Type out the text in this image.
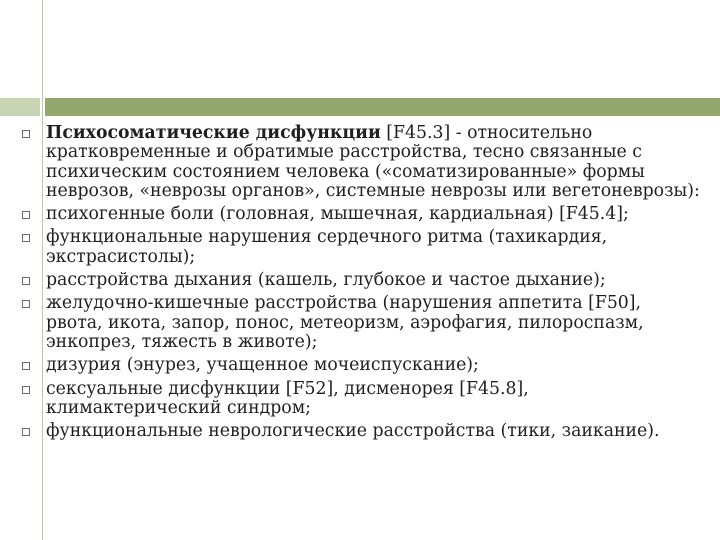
Психосоматические дисфункции [F45.3] - относительно кратковременные и обратимые расстройства, тесно связанные с психическим состоянием человека («соматизированные» формы неврозов, «неврозы органов», системные неврозы или вегетоневрозы):
психогенные боли (головная, мышечная, кардиальная) [F45.4];
функциональные нарушения сердечного ритма (тахикардия, экстрасистолы);
расстройства дыхания (кашель, глубокое и частое дыхание);
желудочно-кишечные расстройства (нарушения аппетита [F50], рвота, икота, запор, понос, метеоризм, аэрофагия, пилороспазм, энкопрез, тяжесть в животе);
дизурия (энурез, учащенное мочеиспускание);
сексуальные дисфункции [F52], дисменорея [F45.8], климактерический синдром;
функциональные неврологические расстройства (тики, заикание).
